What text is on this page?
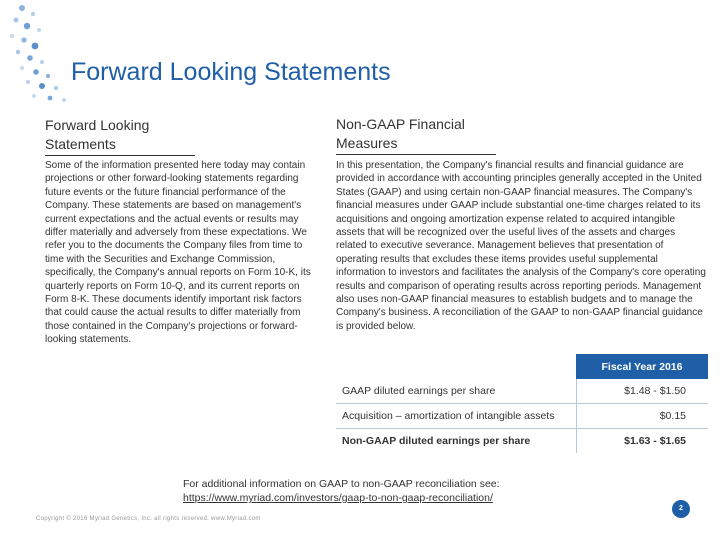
Forward Looking Statements
Forward Looking Statements
Some of the information presented here today may contain projections or other forward-looking statements regarding future events or the future financial performance of the Company. These statements are based on management's current expectations and the actual events or results may differ materially and adversely from these expectations. We refer you to the documents the Company files from time to time with the Securities and Exchange Commission, specifically, the Company's annual reports on Form 10-K, its quarterly reports on Form 10-Q, and its current reports on Form 8-K. These documents identify important risk factors that could cause the actual results to differ materially from those contained in the Company's projections or forward-looking statements.
Non-GAAP Financial Measures
In this presentation, the Company's financial results and financial guidance are provided in accordance with accounting principles generally accepted in the United States (GAAP) and using certain non-GAAP financial measures. The Company's financial measures under GAAP include substantial one-time charges related to its acquisitions and ongoing amortization expense related to acquired intangible assets that will be recognized over the useful lives of the assets and charges related to executive severance. Management believes that presentation of operating results that excludes these items provides useful supplemental information to investors and facilitates the analysis of the Company's core operating results and comparison of operating results across reporting periods. Management also uses non-GAAP financial measures to establish budgets and to manage the Company's business. A reconciliation of the GAAP to non-GAAP financial guidance is provided below.
	Fiscal Year 2016
GAAP diluted earnings per share	$1.48 - $1.50
Acquisition – amortization of intangible assets	$0.15
Non-GAAP diluted earnings per share	$1.63 - $1.65
For additional information on GAAP to non-GAAP reconciliation see:
https://www.myriad.com/investors/gaap-to-non-gaap-reconciliation/
Copyright © 2016 Myriad Genetics, Inc. all rights reserved. www.Myriad.com
2
